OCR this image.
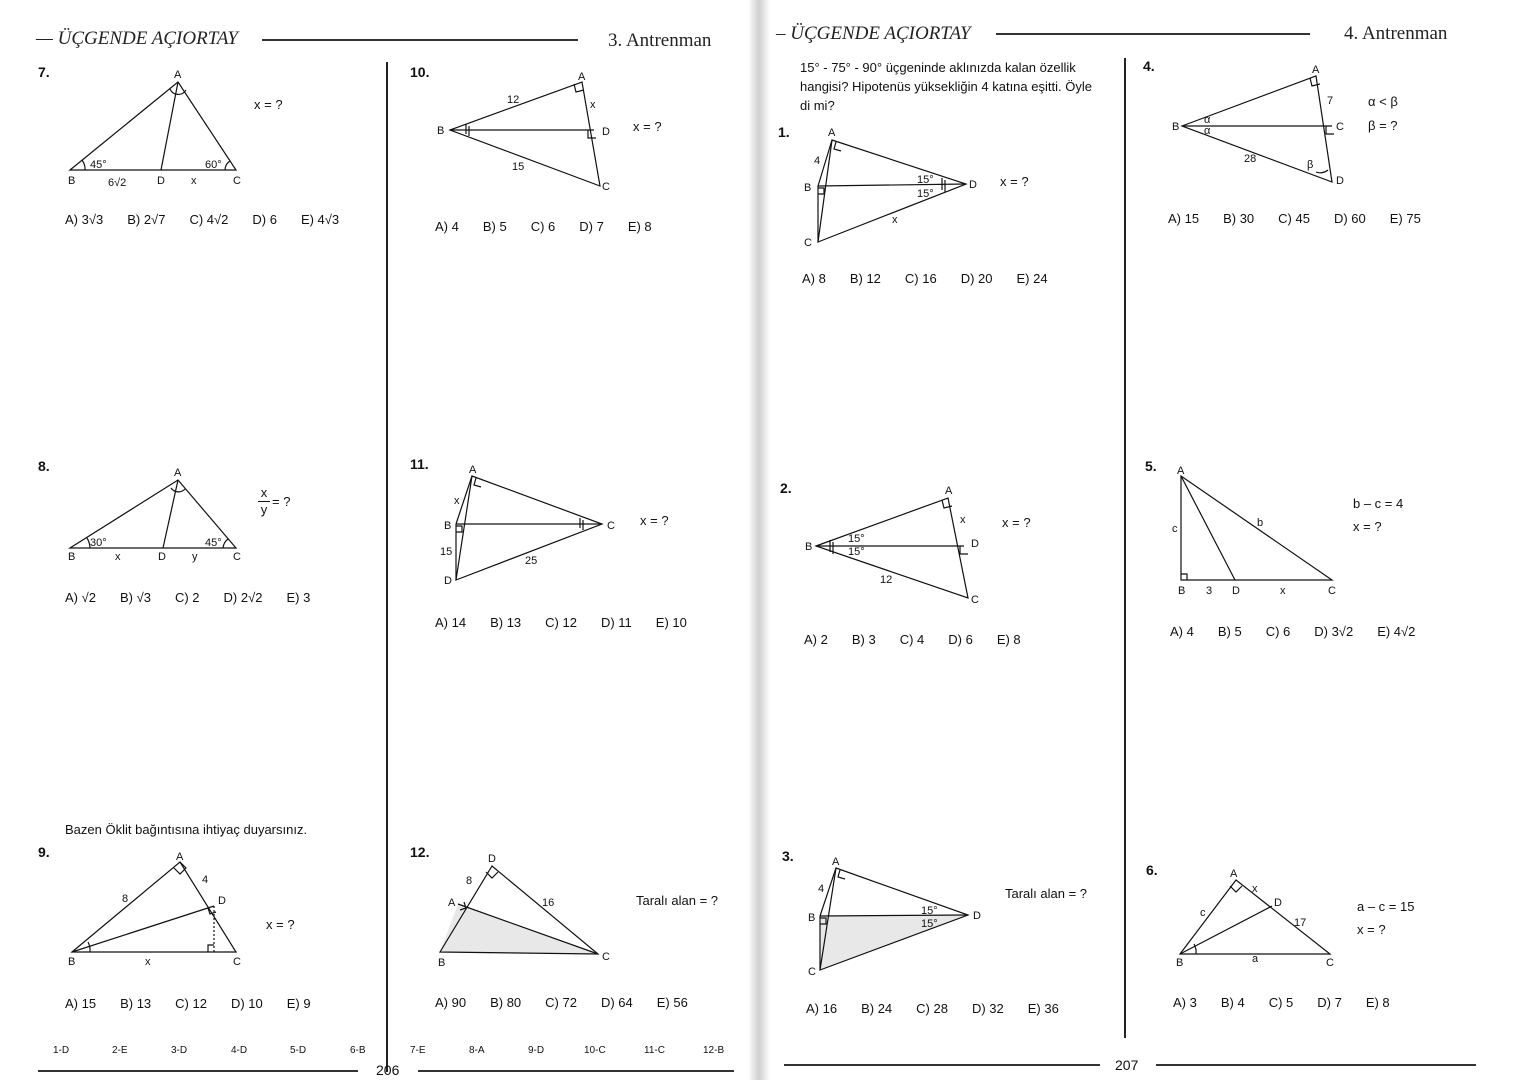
— ÜÇGENDE AÇIORTAY	3. Antrenman
7.	A
B	C
D x
6√2
45°	60°
x = ?
A) 3√3 B) 2√7 C) 4√2 D) 6 E) 4√3
8.	A
B	C
D
x	y
30°	45°
x
y
= ?
A) √2 B) √3 C) 2 D) 2√2 E) 3
Bazen Öklit bağıntısına ihtiyaç duyarsınız.
9.	A
B	C
D
x
8
4
x = ?
A) 15 B) 13 C) 12 D) 10 E) 9
10.	A
B
C
D
x
12
15
x = ?
A) 4 B) 5 C) 6 D) 7 E) 8
11.	A
B	C
D
x
15
25
x = ?
A) 14 B) 13 C) 12 D) 11 E) 10
12.
A
B	C
D
8
16	Taralı alan = ?
A) 90 B) 80 C) 72 D) 64 E) 56
1-D	2-E	3-D	4-D	5-D	6-B	7-E	8-A	9-D	10-C	11-C	12-B
206
– ÜÇGENDE AÇIORTAY	4. Antrenman
15° - 75° - 90° üçgeninde aklınızda kalan özellik
hangisi? Hipotenüs yüksekliğin 4 katına eşitti. Öyle
di mi?
1.	A
B
C
D
x
4
15°
15°
x = ?
A) 8 B) 12 C) 16 D) 20 E) 24
2.	A
B
C
D
x
12
15°
15°
x = ?
A) 2 B) 3 C) 4 D) 6 E) 8
3.	A
B
C
D
4
15°
15°
Taralı alan = ?
A) 16 B) 24 C) 28 D) 32 E) 36
4.	A
B	C
D
7
28
α
α
β
α < β
β = ?
A) 15 B) 30 C) 45 D) 60 E) 75
5. A
B	C
D	x
3
c	b
b – c = 4
x = ?
A) 4 B) 5 C) 6 D) 3√2 E) 4√2
6.	A
B	C
D
x
c
a
17
a – c = 15
x = ?
A) 3 B) 4 C) 5 D) 7 E) 8
207
